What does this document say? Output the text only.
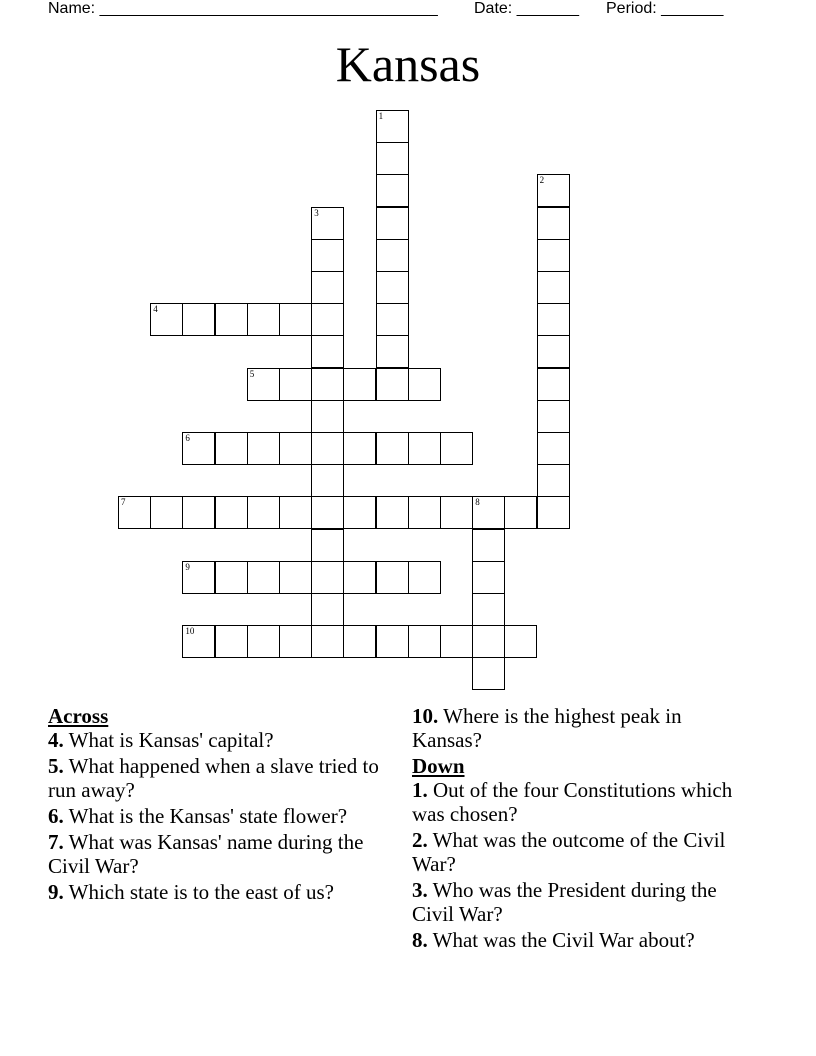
Name: ______________________________________

Date: _______

Period: _______

Kansas
1
2
3
4
5
6
7	8
9
10
Across
4. What is Kansas' capital?
5. What happened when a slave tried to run away?
6. What is the Kansas' state flower?
7. What was Kansas' name during the Civil War?
9. Which state is to the east of us?
10. Where is the highest peak in Kansas?
Down
1. Out of the four Constitutions which was chosen?
2. What was the outcome of the Civil War?
3. Who was the President during the Civil War?
8. What was the Civil War about?
